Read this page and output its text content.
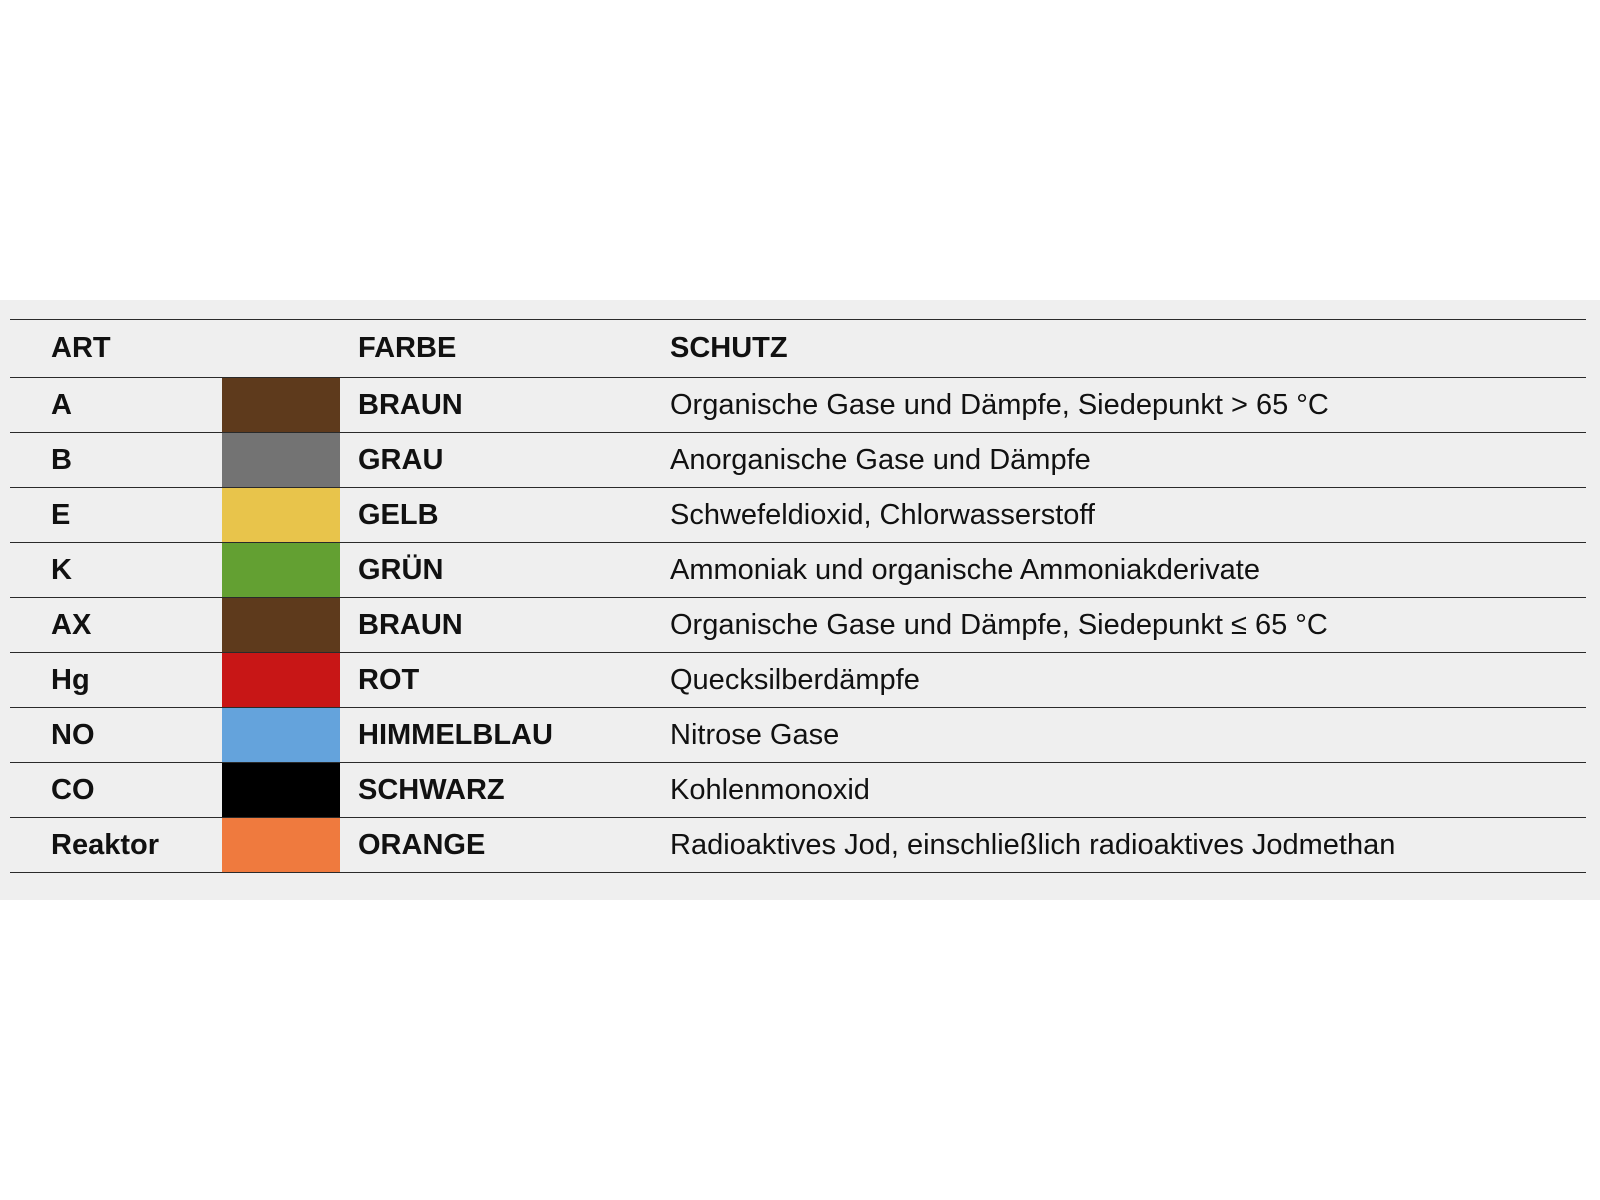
ART	FARBE	SCHUTZ
A	BRAUN	Organische Gase und Dämpfe, Siedepunkt > 65 °C
B	GRAU	Anorganische Gase und Dämpfe
E	GELB	Schwefeldioxid, Chlorwasserstoff
K	GRÜN	Ammoniak und organische Ammoniakderivate
AX	BRAUN	Organische Gase und Dämpfe, Siedepunkt ≤ 65 °C
Hg	ROT	Quecksilberdämpfe
NO	HIMMELBLAU	Nitrose Gase
CO	SCHWARZ	Kohlenmonoxid
Reaktor	ORANGE	Radioaktives Jod, einschließlich radioaktives Jodmethan
